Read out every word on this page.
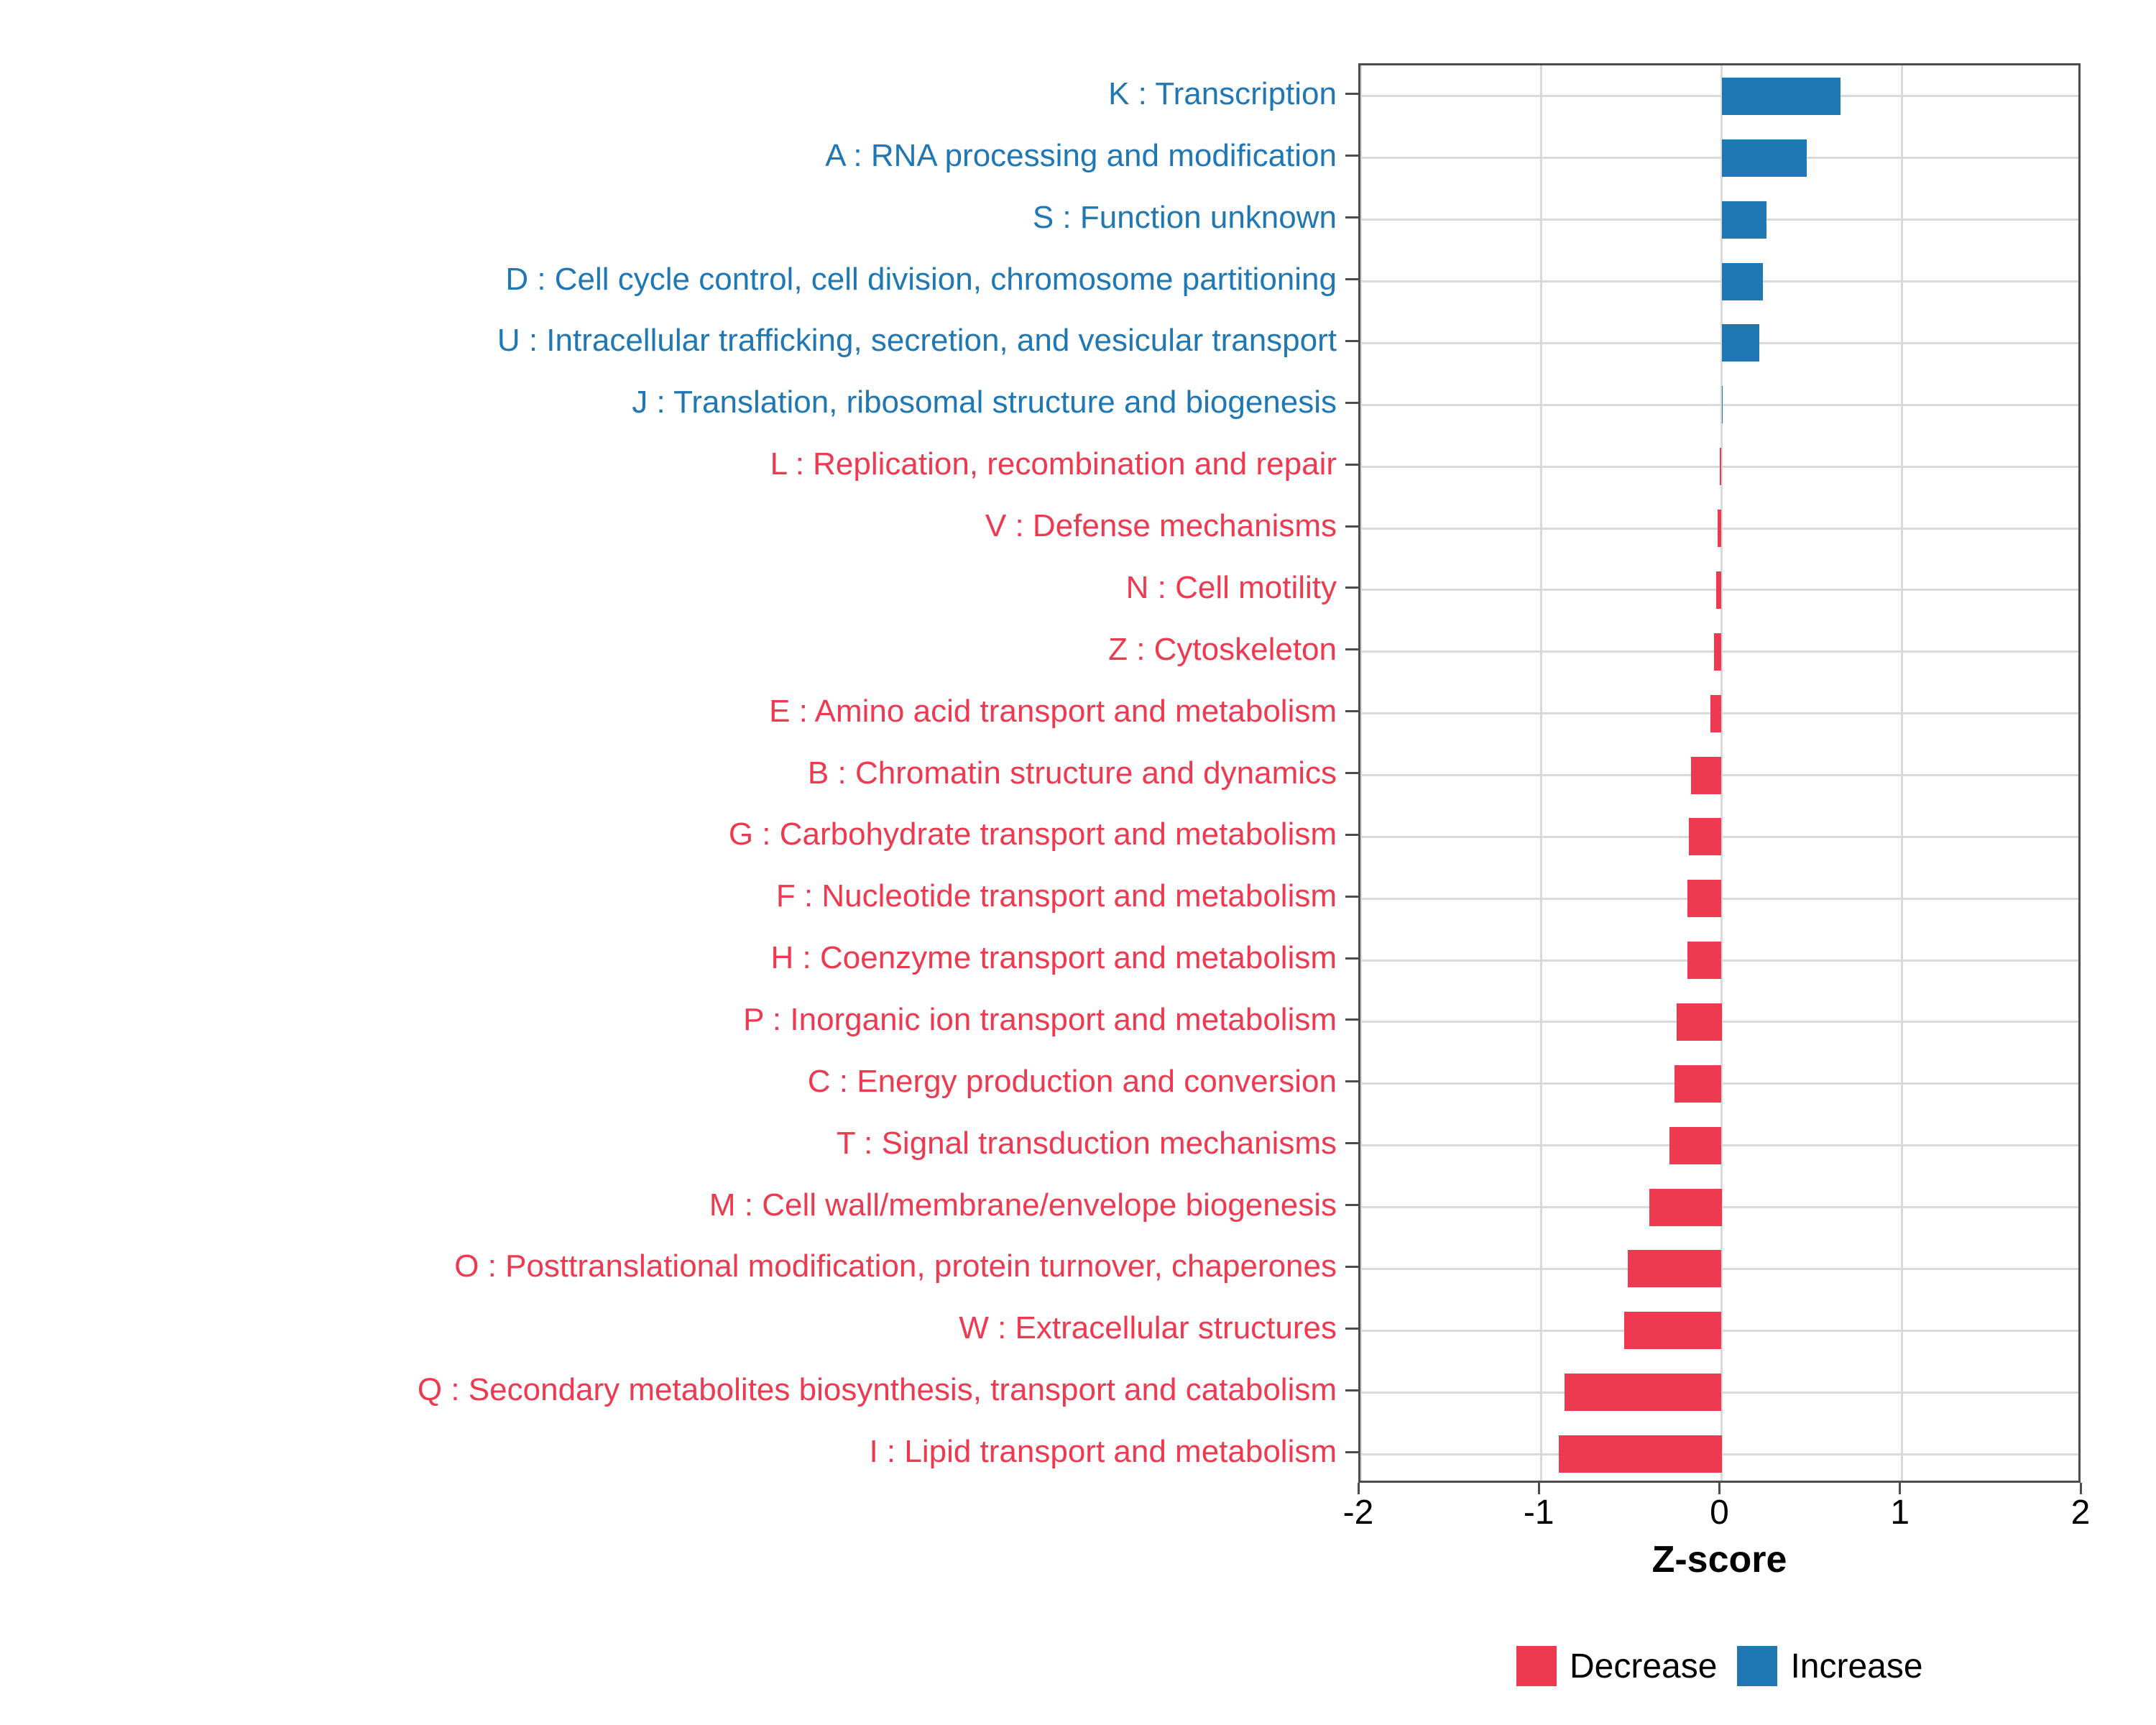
K : Transcription
A : RNA processing and modification
S : Function unknown
D : Cell cycle control, cell division, chromosome partitioning
U : Intracellular trafficking, secretion, and vesicular transport
J : Translation, ribosomal structure and biogenesis
L : Replication, recombination and repair
V : Defense mechanisms
N : Cell motility
Z : Cytoskeleton
E : Amino acid transport and metabolism
B : Chromatin structure and dynamics
G : Carbohydrate transport and metabolism
F : Nucleotide transport and metabolism
H : Coenzyme transport and metabolism
P : Inorganic ion transport and metabolism
C : Energy production and conversion
T : Signal transduction mechanisms
M : Cell wall/membrane/envelope biogenesis
O : Posttranslational modification, protein turnover, chaperones
W : Extracellular structures
Q : Secondary metabolites biosynthesis, transport and catabolism
I : Lipid transport and metabolism
-2	-1	0	1	2
Z-score
Decrease Increase
